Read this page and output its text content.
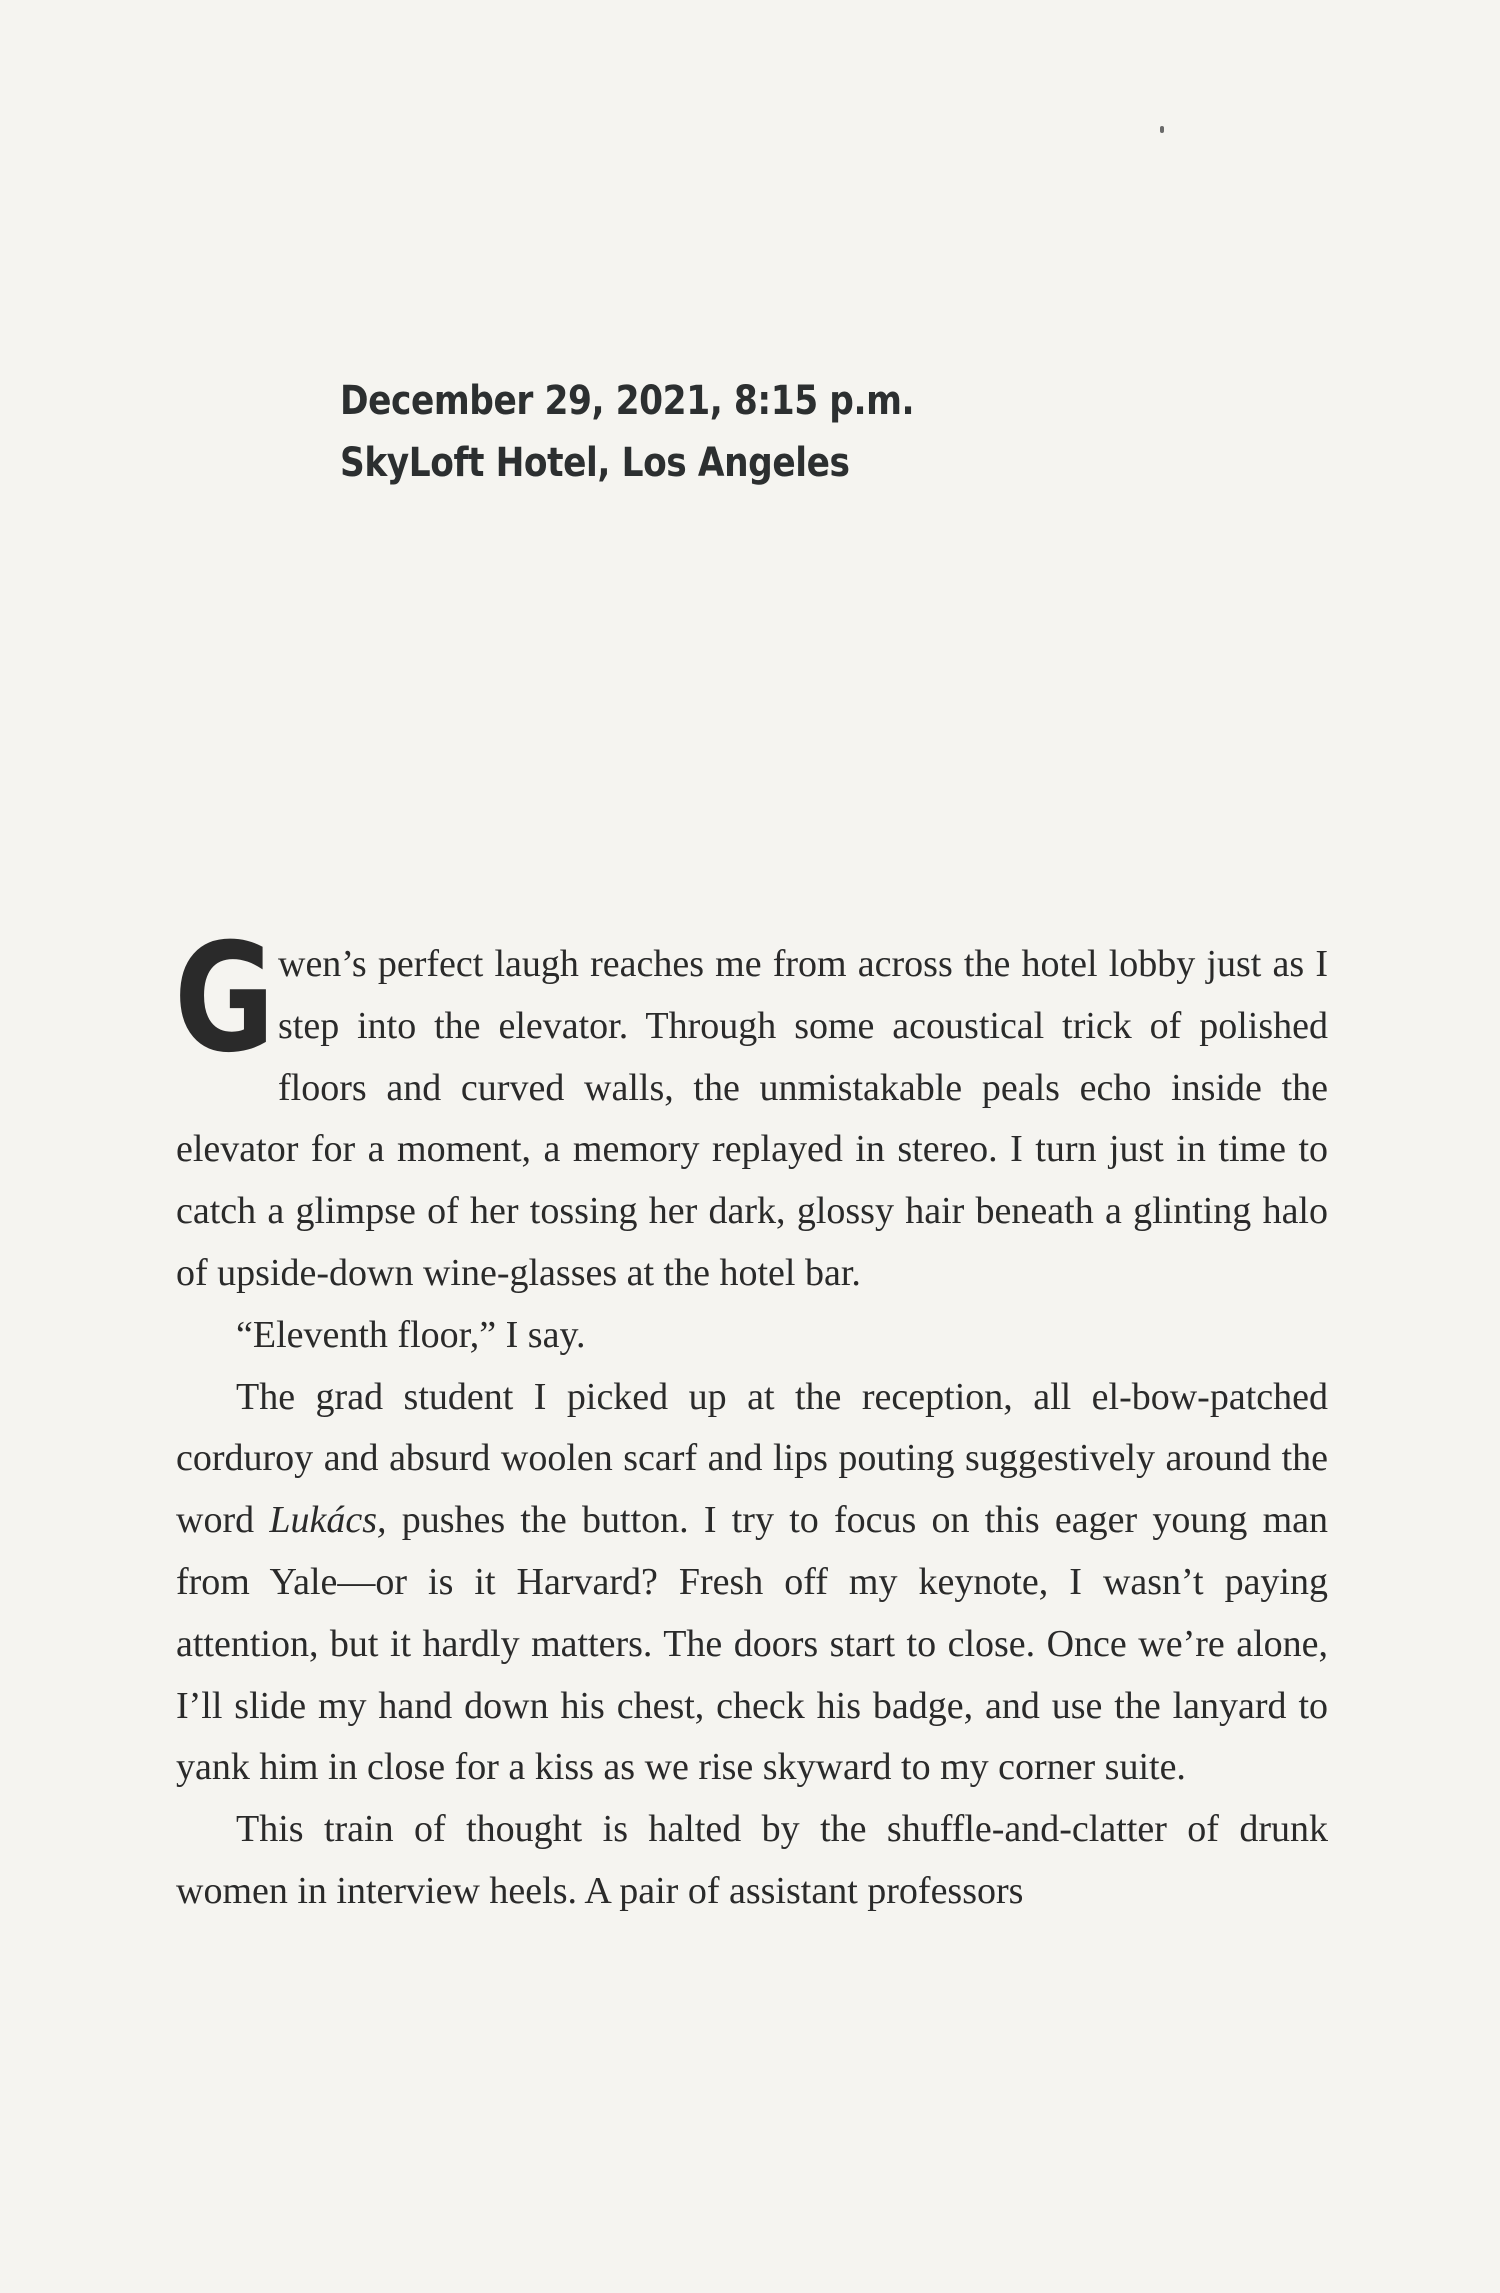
December 29, 2021, 8:15 p.m.
SkyLoft Hotel, Los Angeles

Gwen’s perfect laugh reaches me from across the hotel lobby just as I step into the elevator. Through some acoustical trick of polished floors and curved walls, the unmistakable peals echo inside the elevator for a moment, a memory replayed in stereo. I turn just in time to catch a glimpse of her tossing her dark, glossy hair beneath a glinting halo of upside-down wine-glasses at the hotel bar.

“Eleventh floor,” I say.

The grad student I picked up at the reception, all el-bow-patched corduroy and absurd woolen scarf and lips pouting suggestively around the word Lukács, pushes the button. I try to focus on this eager young man from Yale—or is it Harvard? Fresh off my keynote, I wasn’t paying attention, but it hardly matters. The doors start to close. Once we’re alone, I’ll slide my hand down his chest, check his badge, and use the lanyard to yank him in close for a kiss as we rise skyward to my corner suite.

This train of thought is halted by the shuffle-and-clatter of drunk women in interview heels. A pair of assistant professors
